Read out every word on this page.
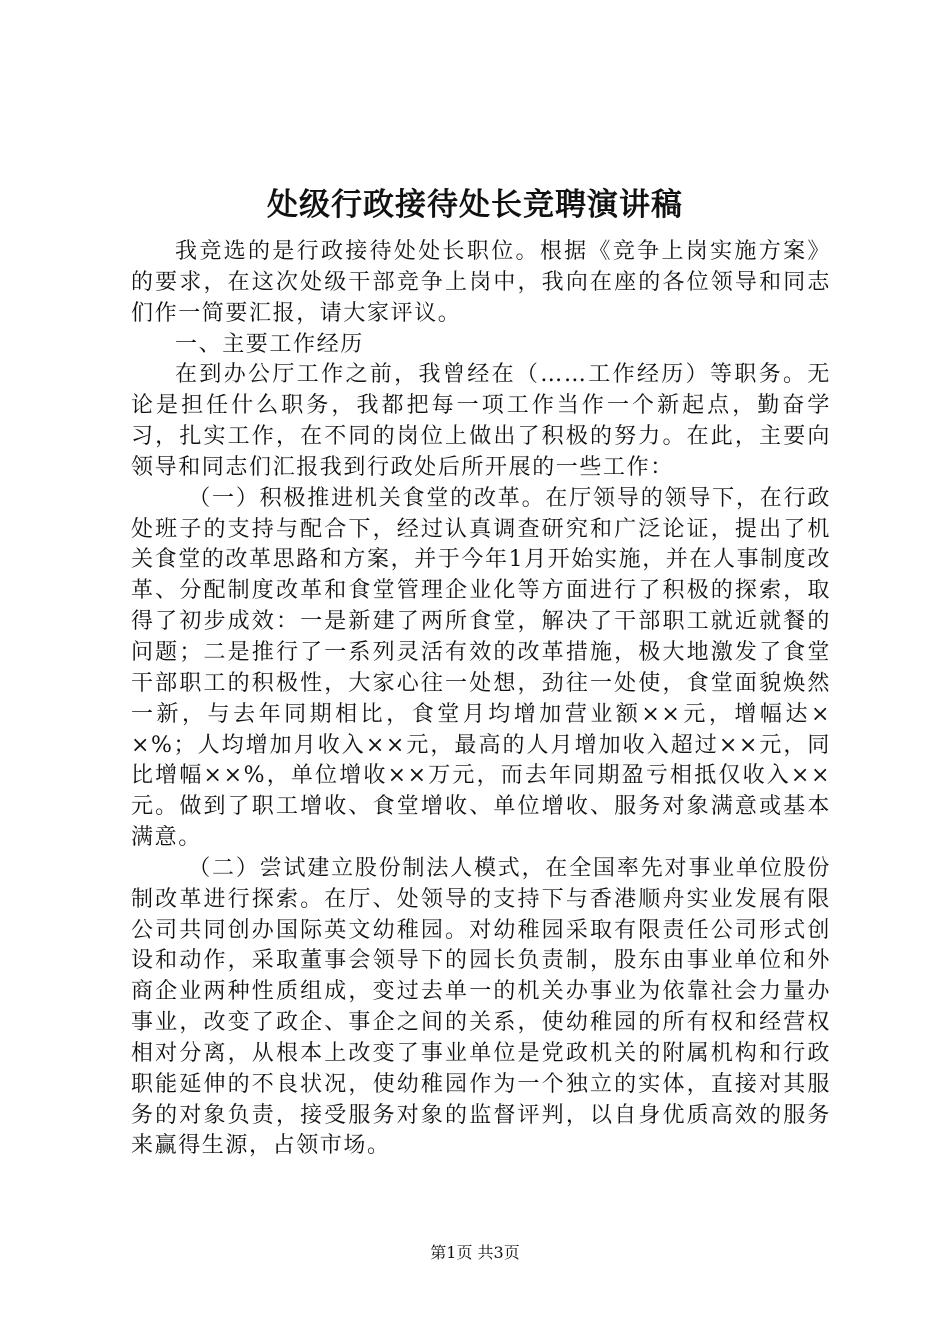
处级行政接待处长竞聘演讲稿

我竞选的是行政接待处处长职位。根据《竞争上岗实施方案》的要求，在这次处级干部竞争上岗中，我向在座的各位领导和同志们作一简要汇报，请大家评议。

一、主要工作经历

在到办公厅工作之前，我曾经在（……工作经历）等职务。无论是担任什么职务，我都把每一项工作当作一个新起点，勤奋学习，扎实工作，在不同的岗位上做出了积极的努力。在此，主要向领导和同志们汇报我到行政处后所开展的一些工作：

（一）积极推进机关食堂的改革。在厅领导的领导下，在行政处班子的支持与配合下，经过认真调查研究和广泛论证，提出了机关食堂的改革思路和方案，并于今年1月开始实施，并在人事制度改革、分配制度改革和食堂管理企业化等方面进行了积极的探索，取得了初步成效：一是新建了两所食堂，解决了干部职工就近就餐的问题；二是推行了一系列灵活有效的改革措施，极大地激发了食堂干部职工的积极性，大家心往一处想，劲往一处使，食堂面貌焕然一新，与去年同期相比，食堂月均增加营业额××元，增幅达××%；人均增加月收入××元，最高的人月增加收入超过××元，同比增幅××%，单位增收××万元，而去年同期盈亏相抵仅收入××元。做到了职工增收、食堂增收、单位增收、服务对象满意或基本满意。

（二）尝试建立股份制法人模式，在全国率先对事业单位股份制改革进行探索。在厅、处领导的支持下与香港顺舟实业发展有限公司共同创办国际英文幼稚园。对幼稚园采取有限责任公司形式创设和动作，采取董事会领导下的园长负责制，股东由事业单位和外商企业两种性质组成，变过去单一的机关办事业为依靠社会力量办事业，改变了政企、事企之间的关系，使幼稚园的所有权和经营权相对分离，从根本上改变了事业单位是党政机关的附属机构和行政职能延伸的不良状况，使幼稚园作为一个独立的实体，直接对其服务的对象负责，接受服务对象的监督评判，以自身优质高效的服务来赢得生源，占领市场。

第1页 共3页
